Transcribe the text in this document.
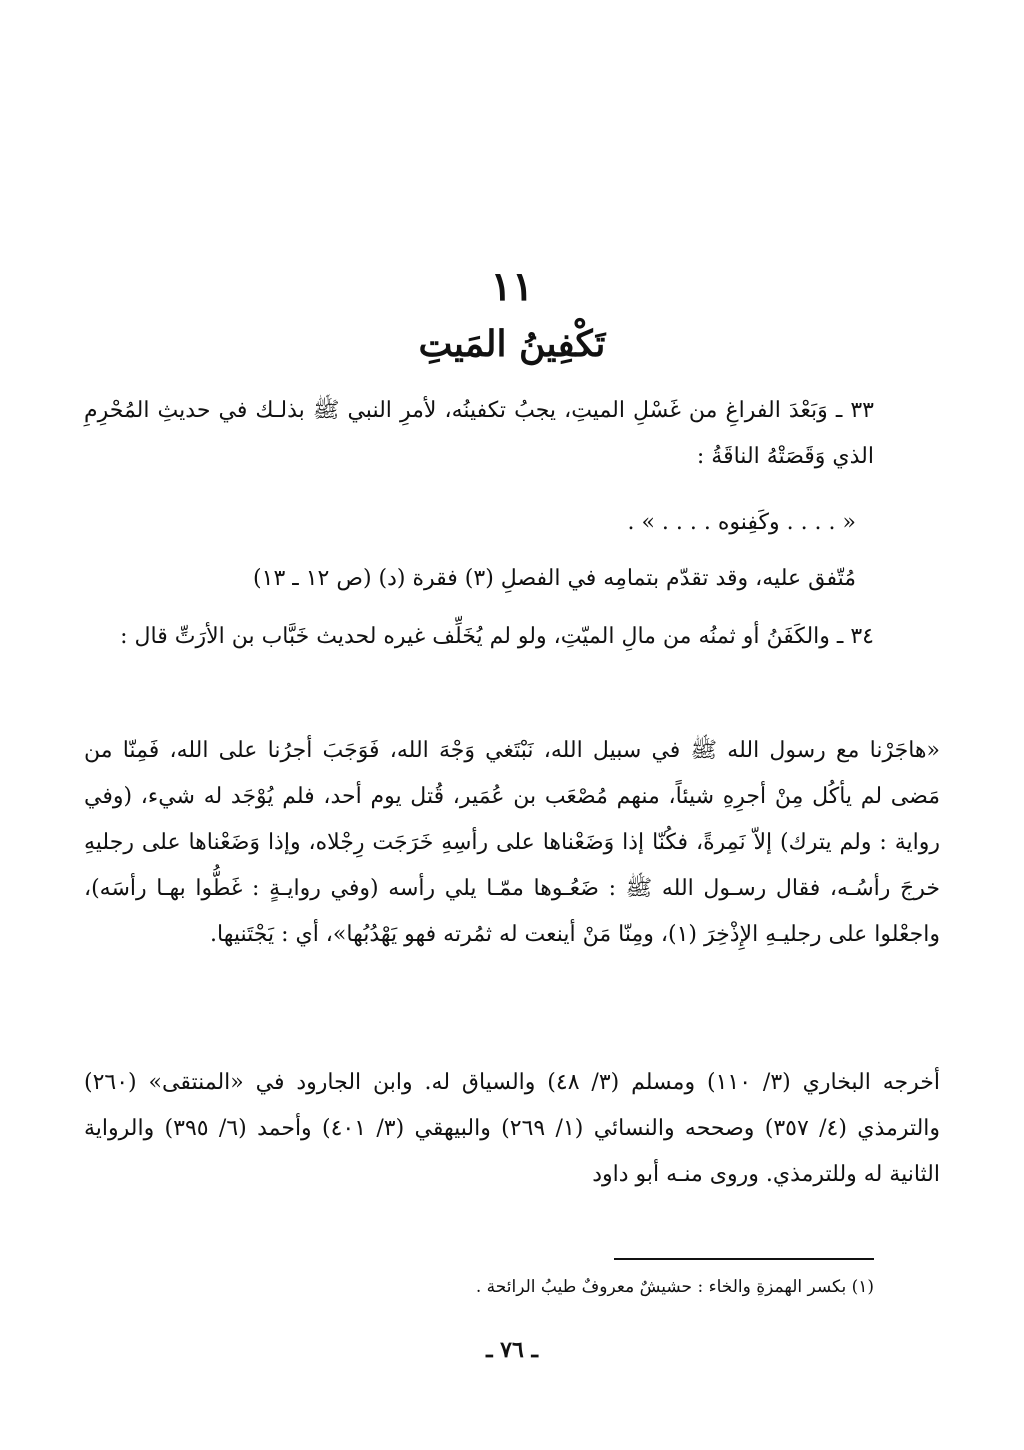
١١
تَكْفِينُ المَيتِ
٣٣ ـ وَبَعْدَ الفراغِ من غَسْلِ الميتِ، يجبُ تكفينُه، لأمرِ النبي ﷺ بذلـك في حديثِ المُحْرِمِ الذي وَقَصَتْهُ الناقَةُ :
« . . . . وكَفِنوه . . . . » .
مُتّفق عليه، وقد تقدّم بتمامِه في الفصلِ (٣) فقرة (د) (ص ١٢ ـ ١٣)
٣٤ ـ والكَفَنُ أو ثمنُه من مالِ الميّتِ، ولو لم يُخَلِّف غيره لحديث خَبَّاب بن الأرَتِّ قال :
«هاجَرْنا مع رسول الله ﷺ في سبيل الله، نَبْتَغي وَجْهَ الله، فَوَجَبَ أجرُنا على الله، فَمِنّا من مَضى لم يأكُل مِنْ أجرِهِ شيئاً، منهم مُصْعَب بن عُمَير، قُتل يوم أحد، فلم يُوْجَد له شيء، (وفي رواية : ولم يترك) إلاّ نَمِرةً، فكُنّا إذا وَضَعْناها على رأسِهِ خَرَجَت رِجْلاه، وإذا وَضَعْناها على رجليهِ خرجَ رأسُـه، فقال رسـول الله ﷺ : ضَعُـوها ممّـا يلي رأسه (وفي روايـةٍ : غَطُّوا بهـا رأسَه)، واجعْلوا على رجليـهِ الإِذْخِرَ (١)، ومِنّا مَنْ أينعت له ثمُرته فهو يَهْدُبُها»، أي : يَجْتَنيها.
أخرجه البخاري (٣/ ١١٠) ومسلم (٣/ ٤٨) والسياق له. وابن الجارود في «المنتقى» (٢٦٠) والترمذي (٤/ ٣٥٧) وصححه والنسائي (١/ ٢٦٩) والبيهقي (٣/ ٤٠١) وأحمد (٦/ ٣٩٥) والرواية الثانية له وللترمذي. وروى منـه أبو داود
(١) بكسر الهمزةِ والخاء : حشيشٌ معروفٌ طيبُ الرائحة .
ـ ٧٦ ـ
